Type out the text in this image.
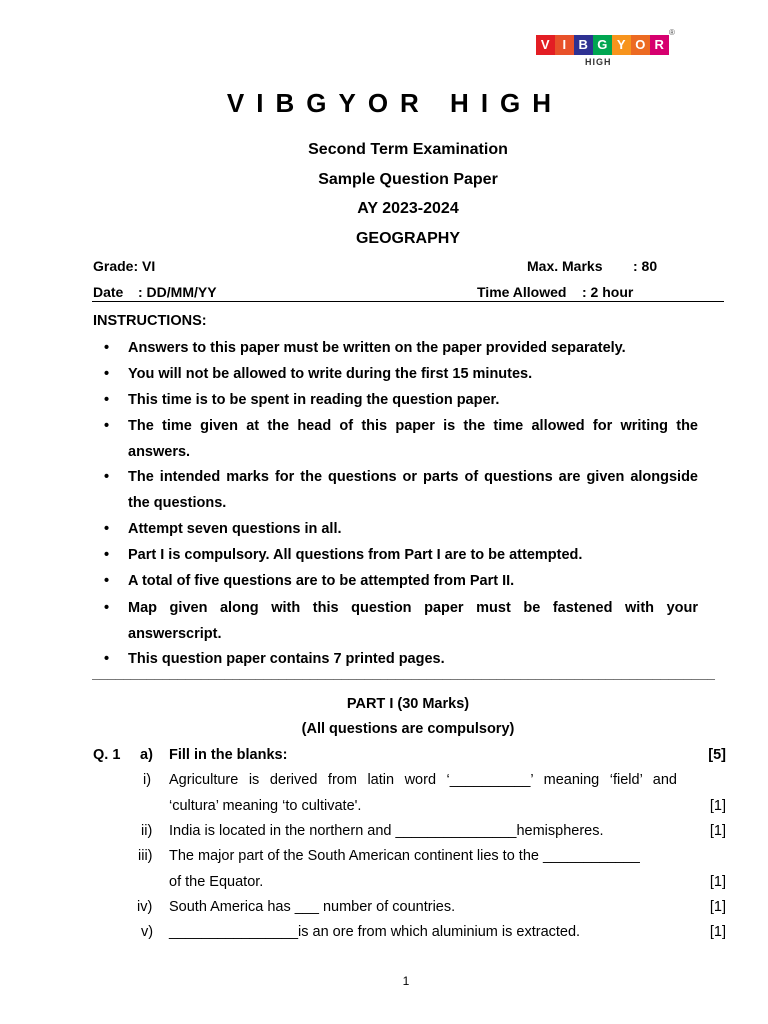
V I B G Y O R
®
HIGH
VIBGYOR HIGH
Second Term Examination
Sample Question Paper
AY 2023-2024
GEOGRAPHY
Grade: VI	Max. Marks : 80
Date : DD/MM/YY	Time Allowed : 2 hour
INSTRUCTIONS:
• Answers to this paper must be written on the paper provided separately.
• You will not be allowed to write during the first 15 minutes.
• This time is to be spent in reading the question paper.
• The time given at the head of this paper is the time allowed for writing the answers.
• The intended marks for the questions or parts of questions are given alongside the questions.
• Attempt seven questions in all.
• Part I is compulsory. All questions from Part I are to be attempted.
• A total of five questions are to be attempted from Part II.
• Map given along with this question paper must be fastened with your answerscript.
• This question paper contains 7 printed pages.
________________________________________________________________________________
PART I (30 Marks)
(All questions are compulsory)
Q. 1 a) Fill in the blanks:	[5]
i) Agriculture is derived from latin word ‘__________’ meaning ‘field’ and
‘cultura’ meaning ‘to cultivate'.	[1]
ii) India is located in the northern and _______________hemispheres.	[1]
iii) The major part of the South American continent lies to the ____________
of the Equator.	[1]
iv) South America has ___ number of countries.	[1]
v) ________________is an ore from which aluminium is extracted.	[1]
1
